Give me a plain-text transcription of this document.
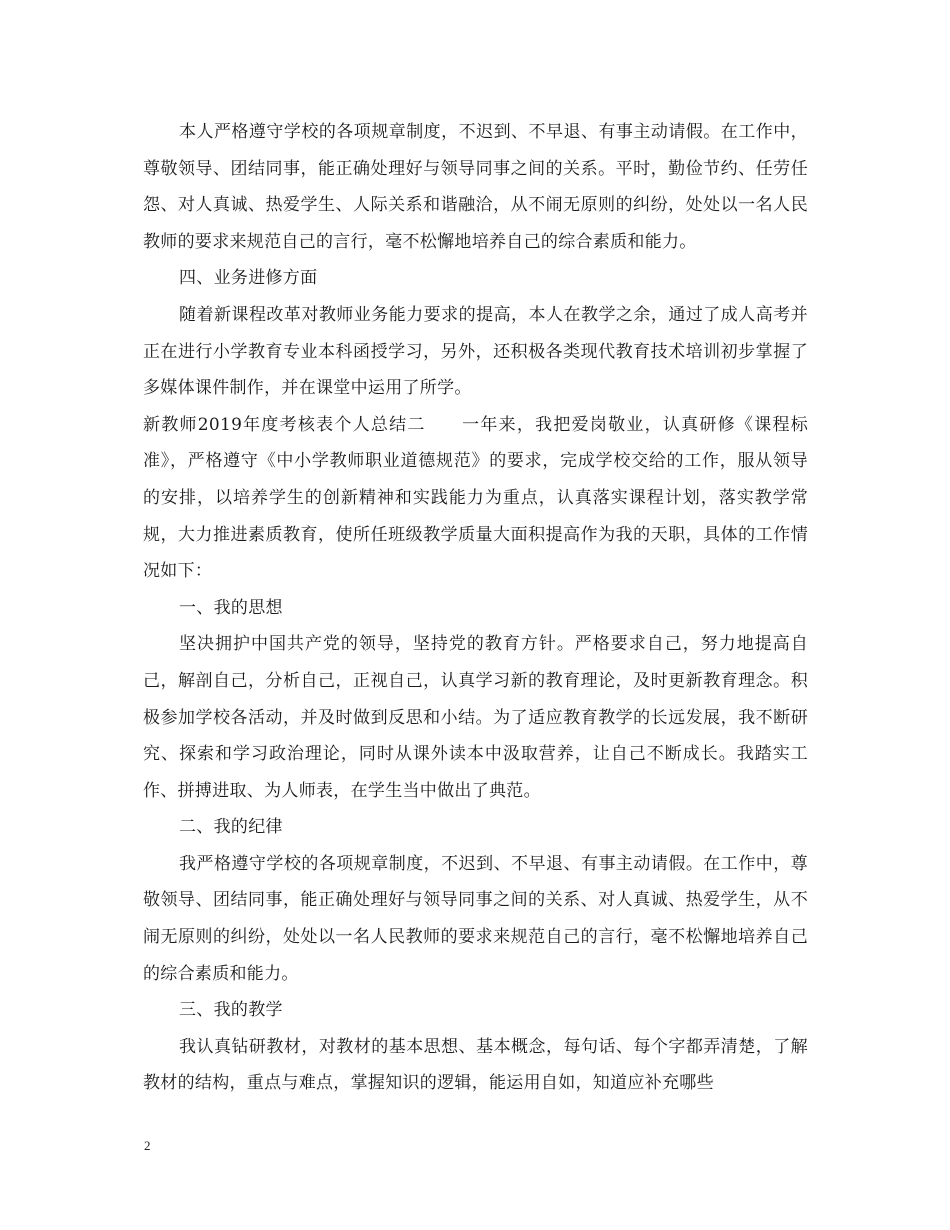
本人严格遵守学校的各项规章制度，不迟到、不早退、有事主动请假。在工作中，尊敬领导、团结同事，能正确处理好与领导同事之间的关系。平时，勤俭节约、任劳任怨、对人真诚、热爱学生、人际关系和谐融洽，从不闹无原则的纠纷，处处以一名人民教师的要求来规范自己的言行，毫不松懈地培养自己的综合素质和能力。

四、业务进修方面

随着新课程改革对教师业务能力要求的提高，本人在教学之余，通过了成人高考并正在进行小学教育专业本科函授学习，另外，还积极各类现代教育技术培训初步掌握了多媒体课件制作，并在课堂中运用了所学。

新教师2019年度考核表个人总结二　　一年来，我把爱岗敬业，认真研修《课程标准》，严格遵守《中小学教师职业道德规范》的要求，完成学校交给的工作，服从领导的安排，以培养学生的创新精神和实践能力为重点，认真落实课程计划，落实教学常规，大力推进素质教育，使所任班级教学质量大面积提高作为我的天职，具体的工作情况如下：

一、我的思想

坚决拥护中国共产党的领导，坚持党的教育方针。严格要求自己，努力地提高自己，解剖自己，分析自己，正视自己，认真学习新的教育理论，及时更新教育理念。积极参加学校各活动，并及时做到反思和小结。为了适应教育教学的长远发展，我不断研究、探索和学习政治理论，同时从课外读本中汲取营养，让自己不断成长。我踏实工作、拼搏进取、为人师表，在学生当中做出了典范。

二、我的纪律

我严格遵守学校的各项规章制度，不迟到、不早退、有事主动请假。在工作中，尊敬领导、团结同事，能正确处理好与领导同事之间的关系、对人真诚、热爱学生，从不闹无原则的纠纷，处处以一名人民教师的要求来规范自己的言行，毫不松懈地培养自己的综合素质和能力。

三、我的教学

我认真钻研教材，对教材的基本思想、基本概念，每句话、每个字都弄清楚，了解教材的结构，重点与难点，掌握知识的逻辑，能运用自如，知道应补充哪些

2
